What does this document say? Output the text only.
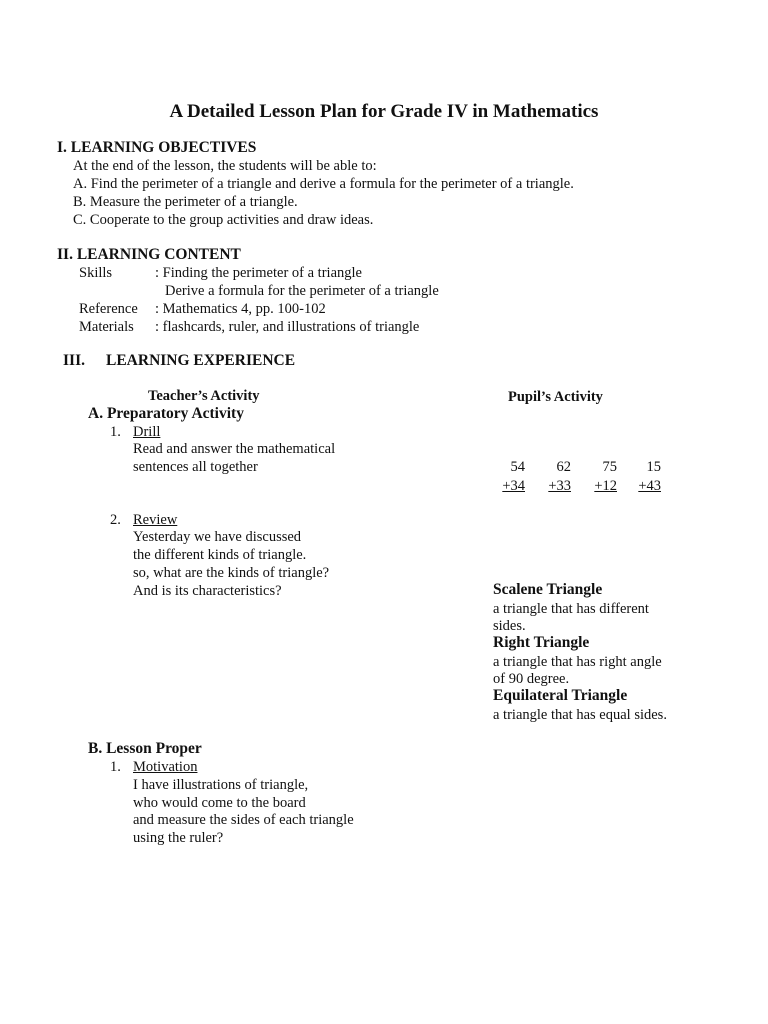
A Detailed Lesson Plan for Grade IV in Mathematics
I. LEARNING OBJECTIVES
At the end of the lesson, the students will be able to:
A. Find the perimeter of a triangle and derive a formula for the perimeter of a triangle.
B. Measure the perimeter of a triangle.
C. Cooperate to the group activities and draw ideas.
II. LEARNING CONTENT
Skills	: Finding the perimeter of a triangle
Derive a formula for the perimeter of a triangle
Reference : Mathematics 4, pp. 100-102
Materials : flashcards, ruler, and illustrations of triangle
III. LEARNING EXPERIENCE
Teacher’s Activity	Pupil’s Activity
A. Preparatory Activity
1. Drill
Read and answer the mathematical
sentences all together	54	62	75	15
+34	+33	+12	+43
2. Review
Yesterday we have discussed
the different kinds of triangle.
so, what are the kinds of triangle?
And is its characteristics?	Scalene Triangle
a triangle that has different
sides.
Right Triangle
a triangle that has right angle
of 90 degree.
Equilateral Triangle
a triangle that has equal sides.
B. Lesson Proper
1. Motivation
I have illustrations of triangle,
who would come to the board
and measure the sides of each triangle
using the ruler?
